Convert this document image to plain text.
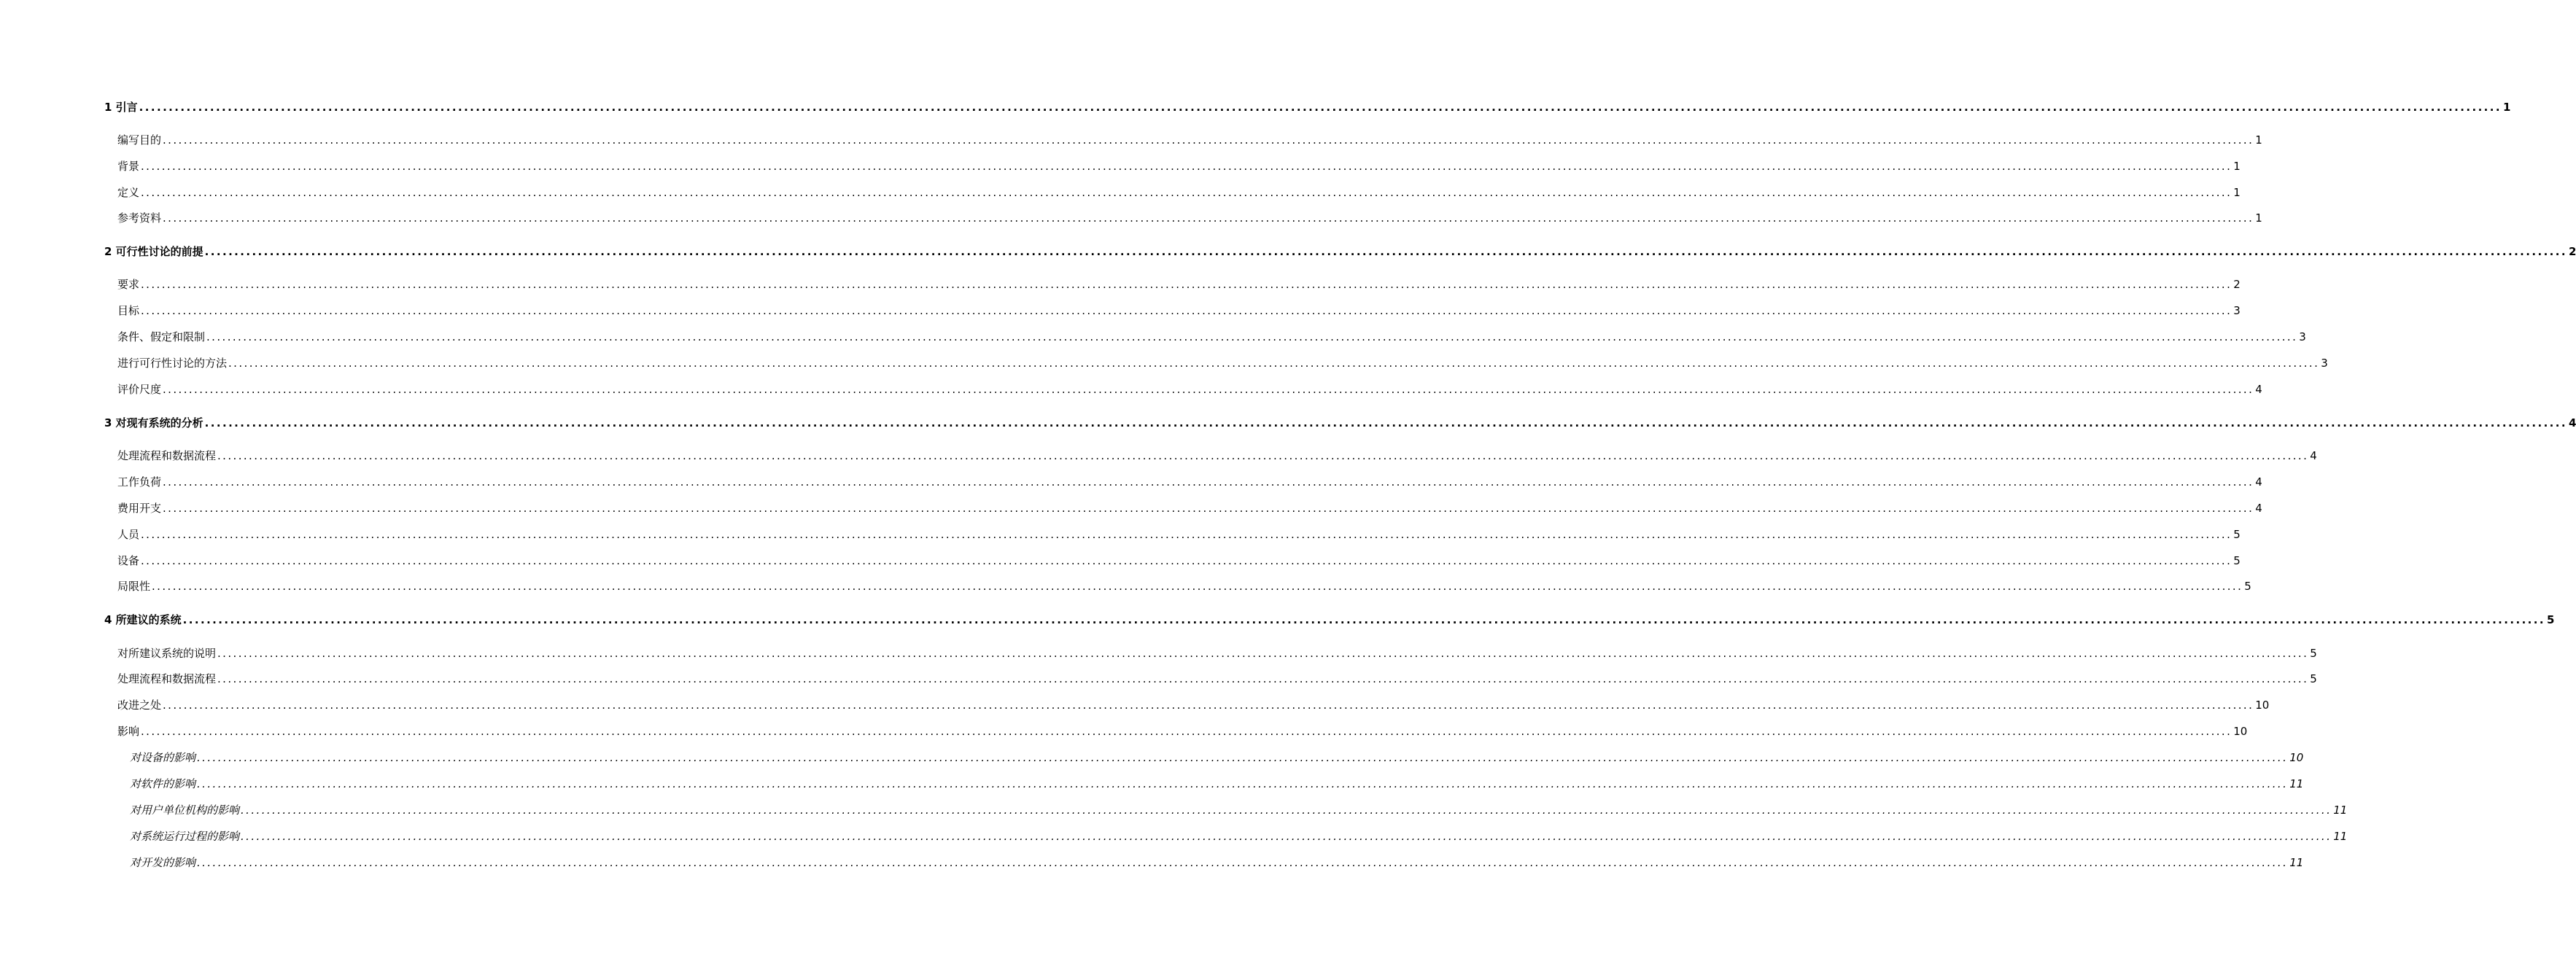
1 引言 ................................................................................................................................................................................................................................................................................................................................................................................................................ 1
编写目的 ................................................................................................................................................................................................................................................................................................................................................................................................................ 1
背景 ................................................................................................................................................................................................................................................................................................................................................................................................................ 1
定义 ................................................................................................................................................................................................................................................................................................................................................................................................................ 1
参考资料 ................................................................................................................................................................................................................................................................................................................................................................................................................ 1
2 可行性讨论的前提 ................................................................................................................................................................................................................................................................................................................................................................................................................ 2
要求 ................................................................................................................................................................................................................................................................................................................................................................................................................ 2
目标 ................................................................................................................................................................................................................................................................................................................................................................................................................ 3
条件、假定和限制 ................................................................................................................................................................................................................................................................................................................................................................................................................ 3
进行可行性讨论的方法 ................................................................................................................................................................................................................................................................................................................................................................................................................ 3
评价尺度 ................................................................................................................................................................................................................................................................................................................................................................................................................ 4
3 对现有系统的分析 ................................................................................................................................................................................................................................................................................................................................................................................................................ 4
处理流程和数据流程 ................................................................................................................................................................................................................................................................................................................................................................................................................ 4
工作负荷 ................................................................................................................................................................................................................................................................................................................................................................................................................ 4
费用开支 ................................................................................................................................................................................................................................................................................................................................................................................................................ 4
人员 ................................................................................................................................................................................................................................................................................................................................................................................................................ 5
设备 ................................................................................................................................................................................................................................................................................................................................................................................................................ 5
局限性 ................................................................................................................................................................................................................................................................................................................................................................................................................ 5
4 所建议的系统 ................................................................................................................................................................................................................................................................................................................................................................................................................ 5
对所建议系统的说明 ................................................................................................................................................................................................................................................................................................................................................................................................................ 5
处理流程和数据流程 ................................................................................................................................................................................................................................................................................................................................................................................................................ 5
改进之处 ................................................................................................................................................................................................................................................................................................................................................................................................................ 10
影响 ................................................................................................................................................................................................................................................................................................................................................................................................................ 10
对设备的影响 ................................................................................................................................................................................................................................................................................................................................................................................................................ 10
对软件的影响 ................................................................................................................................................................................................................................................................................................................................................................................................................ 11
对用户单位机构的影响 ................................................................................................................................................................................................................................................................................................................................................................................................................ 11
对系统运行过程的影响 ................................................................................................................................................................................................................................................................................................................................................................................................................ 11
对开发的影响 ................................................................................................................................................................................................................................................................................................................................................................................................................ 11
